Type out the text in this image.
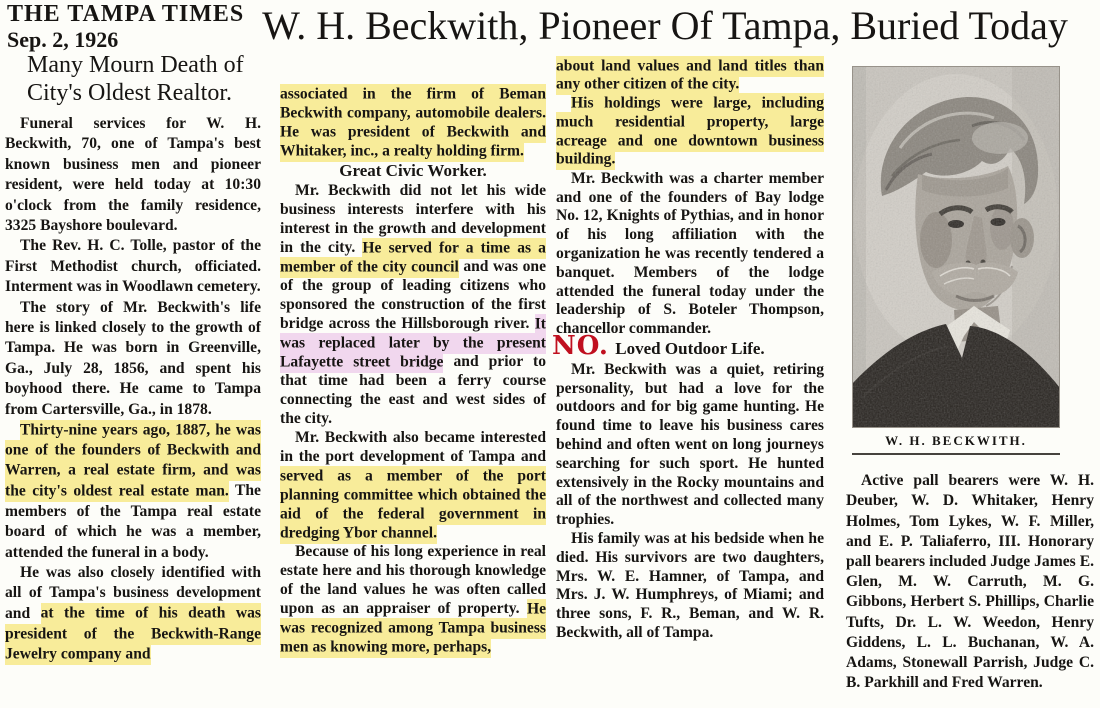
THE TAMPA TIMES
Sep. 2, 1926	W. H. Beckwith, Pioneer Of Tampa, Buried Today
Many Mourn Death of City's Oldest Realtor.

Funeral services for W. H. Beckwith, 70, one of Tampa's best known business men and pioneer resident, were held today at 10:30 o'clock from the family residence, 3325 Bayshore boulevard.

The Rev. H. C. Tolle, pastor of the First Methodist church, officiated. Interment was in Woodlawn cemetery.

The story of Mr. Beckwith's life here is linked closely to the growth of Tampa. He was born in Greenville, Ga., July 28, 1856, and spent his boyhood there. He came to Tampa from Cartersville, Ga., in 1878.

Thirty-nine years ago, 1887, he was one of the founders of Beckwith and Warren, a real estate firm, and was the city's oldest real estate man. The members of the Tampa real estate board of which he was a member, attended the funeral in a body.

He was also closely identified with all of Tampa's business development and at the time of his death was president of the Beckwith-Range Jewelry company and

associated in the firm of Beman Beckwith company, automobile dealers. He was president of Beckwith and Whitaker, inc., a realty holding firm.

Great Civic Worker.

Mr. Beckwith did not let his wide business interests interfere with his interest in the growth and development in the city. He served for a time as a member of the city council and was one of the group of leading citizens who sponsored the construction of the first bridge across the Hillsborough river. It was replaced later by the present Lafayette street bridge and prior to that time had been a ferry course connecting the east and west sides of the city.

Mr. Beckwith also became interested in the port development of Tampa and served as a member of the port planning committee which obtained the aid of the federal government in dredging Ybor channel.

Because of his long experience in real estate here and his thorough knowledge of the land values he was often called upon as an appraiser of property. He was recognized among Tampa business men as knowing more, perhaps,

about land values and land titles than any other citizen of the city.

His holdings were large, including much residential property, large acreage and one downtown business building.

Mr. Beckwith was a charter member and one of the founders of Bay lodge No. 12, Knights of Pythias, and in honor of his long affiliation with the organization he was recently tendered a banquet. Members of the lodge attended the funeral today under the leadership of S. Boteler Thompson, chancellor commander.

NO. Loved Outdoor Life.

Mr. Beckwith was a quiet, retiring personality, but had a love for the outdoors and for big game hunting. He found time to leave his business cares behind and often went on long journeys searching for such sport. He hunted extensively in the Rocky mountains and all of the northwest and collected many trophies.

His family was at his bedside when he died. His survivors are two daughters, Mrs. W. E. Hamner, of Tampa, and Mrs. J. W. Humphreys, of Miami; and three sons, F. R., Beman, and W. R. Beckwith, all of Tampa.

W. H. BECKWITH.

Active pall bearers were W. H. Deuber, W. D. Whitaker, Henry Holmes, Tom Lykes, W. F. Miller, and E. P. Taliaferro, III. Honorary pall bearers included Judge James E. Glen, M. W. Carruth, M. G. Gibbons, Herbert S. Phillips, Charlie Tufts, Dr. L. W. Weedon, Henry Giddens, L. L. Buchanan, W. A. Adams, Stonewall Parrish, Judge C. B. Parkhill and Fred Warren.
